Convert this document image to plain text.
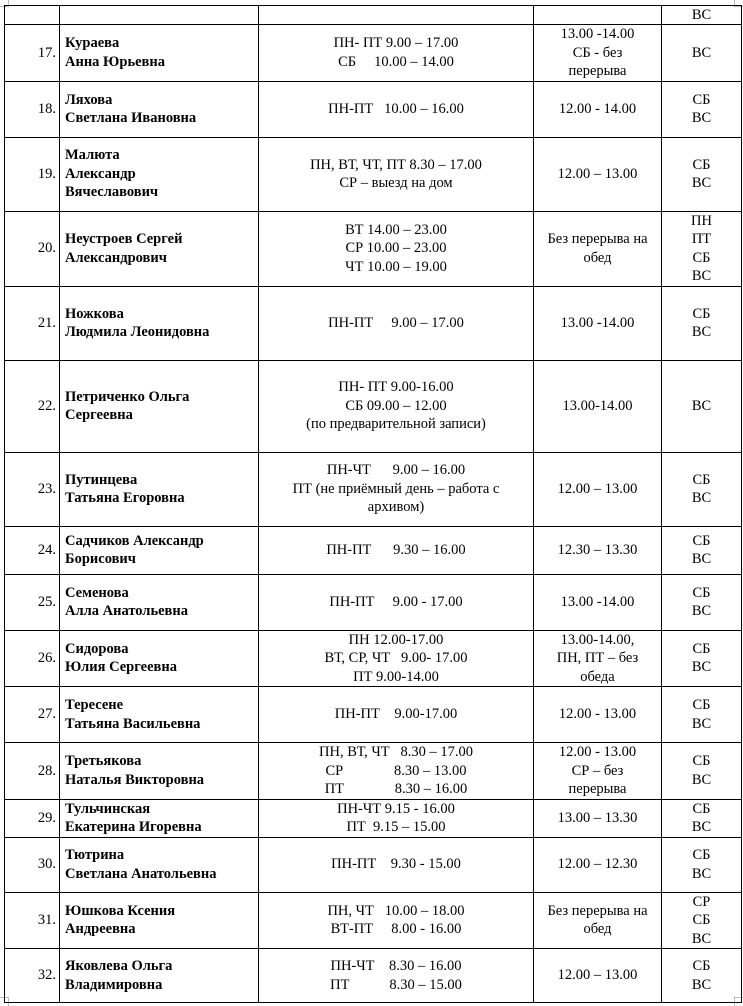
				ВС

17.	Кураева
Анна Юрьевна	ПН- ПТ 9.00 – 17.00
СБ     10.00 – 14.00	13.00 -14.00
СБ - без
перерыва	ВС

18.	Ляхова
Светлана Ивановна	ПН-ПТ   10.00 – 16.00	12.00 - 14.00	СБ
ВС

19.	Малюта
Александр
Вячеславович	ПН, ВТ, ЧТ, ПТ 8.30 – 17.00
СР – выезд на дом	12.00 – 13.00	СБ
ВС

20.	Неустроев Сергей
Александрович	ВТ 14.00 – 23.00
СР 10.00 – 23.00
ЧТ 10.00 – 19.00	Без перерыва на
обед	ПН
ПТ
СБ
ВС

21.	Ножкова
Людмила Леонидовна	ПН-ПТ     9.00 – 17.00	13.00 -14.00	СБ
ВС

22.	Петриченко Ольга
Сергеевна	ПН- ПТ 9.00-16.00
СБ 09.00 – 12.00
(по предварительной записи)	13.00-14.00	ВС

23.	Путинцева
Татьяна Егоровна	ПН-ЧТ      9.00 – 16.00
ПТ (не приёмный день – работа с
архивом)	12.00 – 13.00	СБ
ВС

24.	Садчиков Александр
Борисович	ПН-ПТ      9.30 – 16.00	12.30 – 13.30	СБ
ВС

25.	Семенова
Алла Анатольевна	ПН-ПТ     9.00 - 17.00	13.00 -14.00	СБ
ВС

26.	Сидорова
Юлия Сергеевна	ПН 12.00-17.00
ВТ, СР, ЧТ   9.00- 17.00
ПТ 9.00-14.00	13.00-14.00,
ПН, ПТ – без
обеда	СБ
ВС

27.	Тересене
Татьяна Васильевна	ПН-ПТ    9.00-17.00	12.00 - 13.00	СБ
ВС

28.	Третьякова
Наталья Викторовна	ПН, ВТ, ЧТ   8.30 – 17.00
СР              8.30 – 13.00
ПТ              8.30 – 16.00	12.00 - 13.00
СР – без
перерыва	СБ
ВС

29.	Тульчинская
Екатерина Игоревна	ПН-ЧТ 9.15 - 16.00
ПТ  9.15 – 15.00	13.00 – 13.30	СБ
ВС

30.	Тютрина
Светлана Анатольевна	ПН-ПТ    9.30 - 15.00	12.00 – 12.30	СБ
ВС

31.	Юшкова Ксения
Андреевна	ПН, ЧТ   10.00 – 18.00
ВТ-ПТ     8.00 - 16.00	Без перерыва на
обед	СР
СБ
ВС

32.	Яковлева Ольга
Владимировна	ПН-ЧТ    8.30 – 16.00
ПТ           8.30 – 15.00	12.00 – 13.00	СБ
ВС
